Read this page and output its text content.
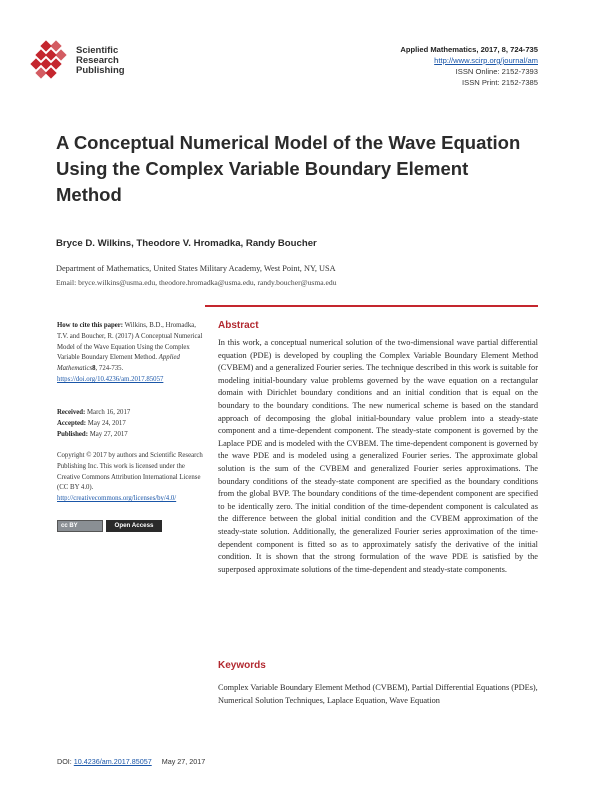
Scientific
Research
Publishing
Applied Mathematics, 2017, 8, 724-735
http://www.scirp.org/journal/am
ISSN Online: 2152-7393
ISSN Print: 2152-7385
A Conceptual Numerical Model of the Wave Equation Using the Complex Variable Boundary Element Method
Bryce D. Wilkins, Theodore V. Hromadka, Randy Boucher
Department of Mathematics, United States Military Academy, West Point, NY, USA
Email: bryce.wilkins@usma.edu, theodore.hromadka@usma.edu, randy.boucher@usma.edu
How to cite this paper: Wilkins, B.D., Hromadka, T.V. and Boucher, R. (2017) A Conceptual Numerical Model of the Wave Equation Using the Complex Variable Boundary Element Method. Applied Mathematics8, 724-735.
https://doi.org/10.4236/am.2017.85057
Received: March 16, 2017
Accepted: May 24, 2017
Published: May 27, 2017
Copyright © 2017 by authors and Scientific Research Publishing Inc. This work is licensed under the Creative Commons Attribution International License (CC BY 4.0).
http://creativecommons.org/licenses/by/4.0/
cc BY	Open Access
Abstract
In this work, a conceptual numerical solution of the two-dimensional wave partial differential equation (PDE) is developed by coupling the Complex Variable Boundary Element Method (CVBEM) and a generalized Fourier series. The technique described in this work is suitable for modeling initial-boundary value problems governed by the wave equation on a rectangular domain with Dirichlet boundary conditions and an initial condition that is equal on the boundary to the boundary conditions. The new numerical scheme is based on the standard approach of decomposing the global initial-boundary value problem into a steady-state component and a time-dependent component. The steady-state component is governed by the Laplace PDE and is modeled with the CVBEM. The time-dependent component is governed by the wave PDE and is modeled using a generalized Fourier series. The approximate global solution is the sum of the CVBEM and generalized Fourier series approximations. The boundary conditions of the steady-state component are specified as the boundary conditions from the global BVP. The boundary conditions of the time-dependent component are specified to be identically zero. The initial condition of the time-dependent component is calculated as the difference between the global initial condition and the CVBEM approximation of the steady-state solution. Additionally, the generalized Fourier series approximation of the time-dependent component is fitted so as to approximately satisfy the derivative of the initial condition. It is shown that the strong formulation of the wave PDE is satisfied by the superposed approximate solutions of the time-dependent and steady-state components.
Keywords
Complex Variable Boundary Element Method (CVBEM), Partial Differential Equations (PDEs), Numerical Solution Techniques, Laplace Equation, Wave Equation
DOI: 10.4236/am.2017.85057 May 27, 2017
